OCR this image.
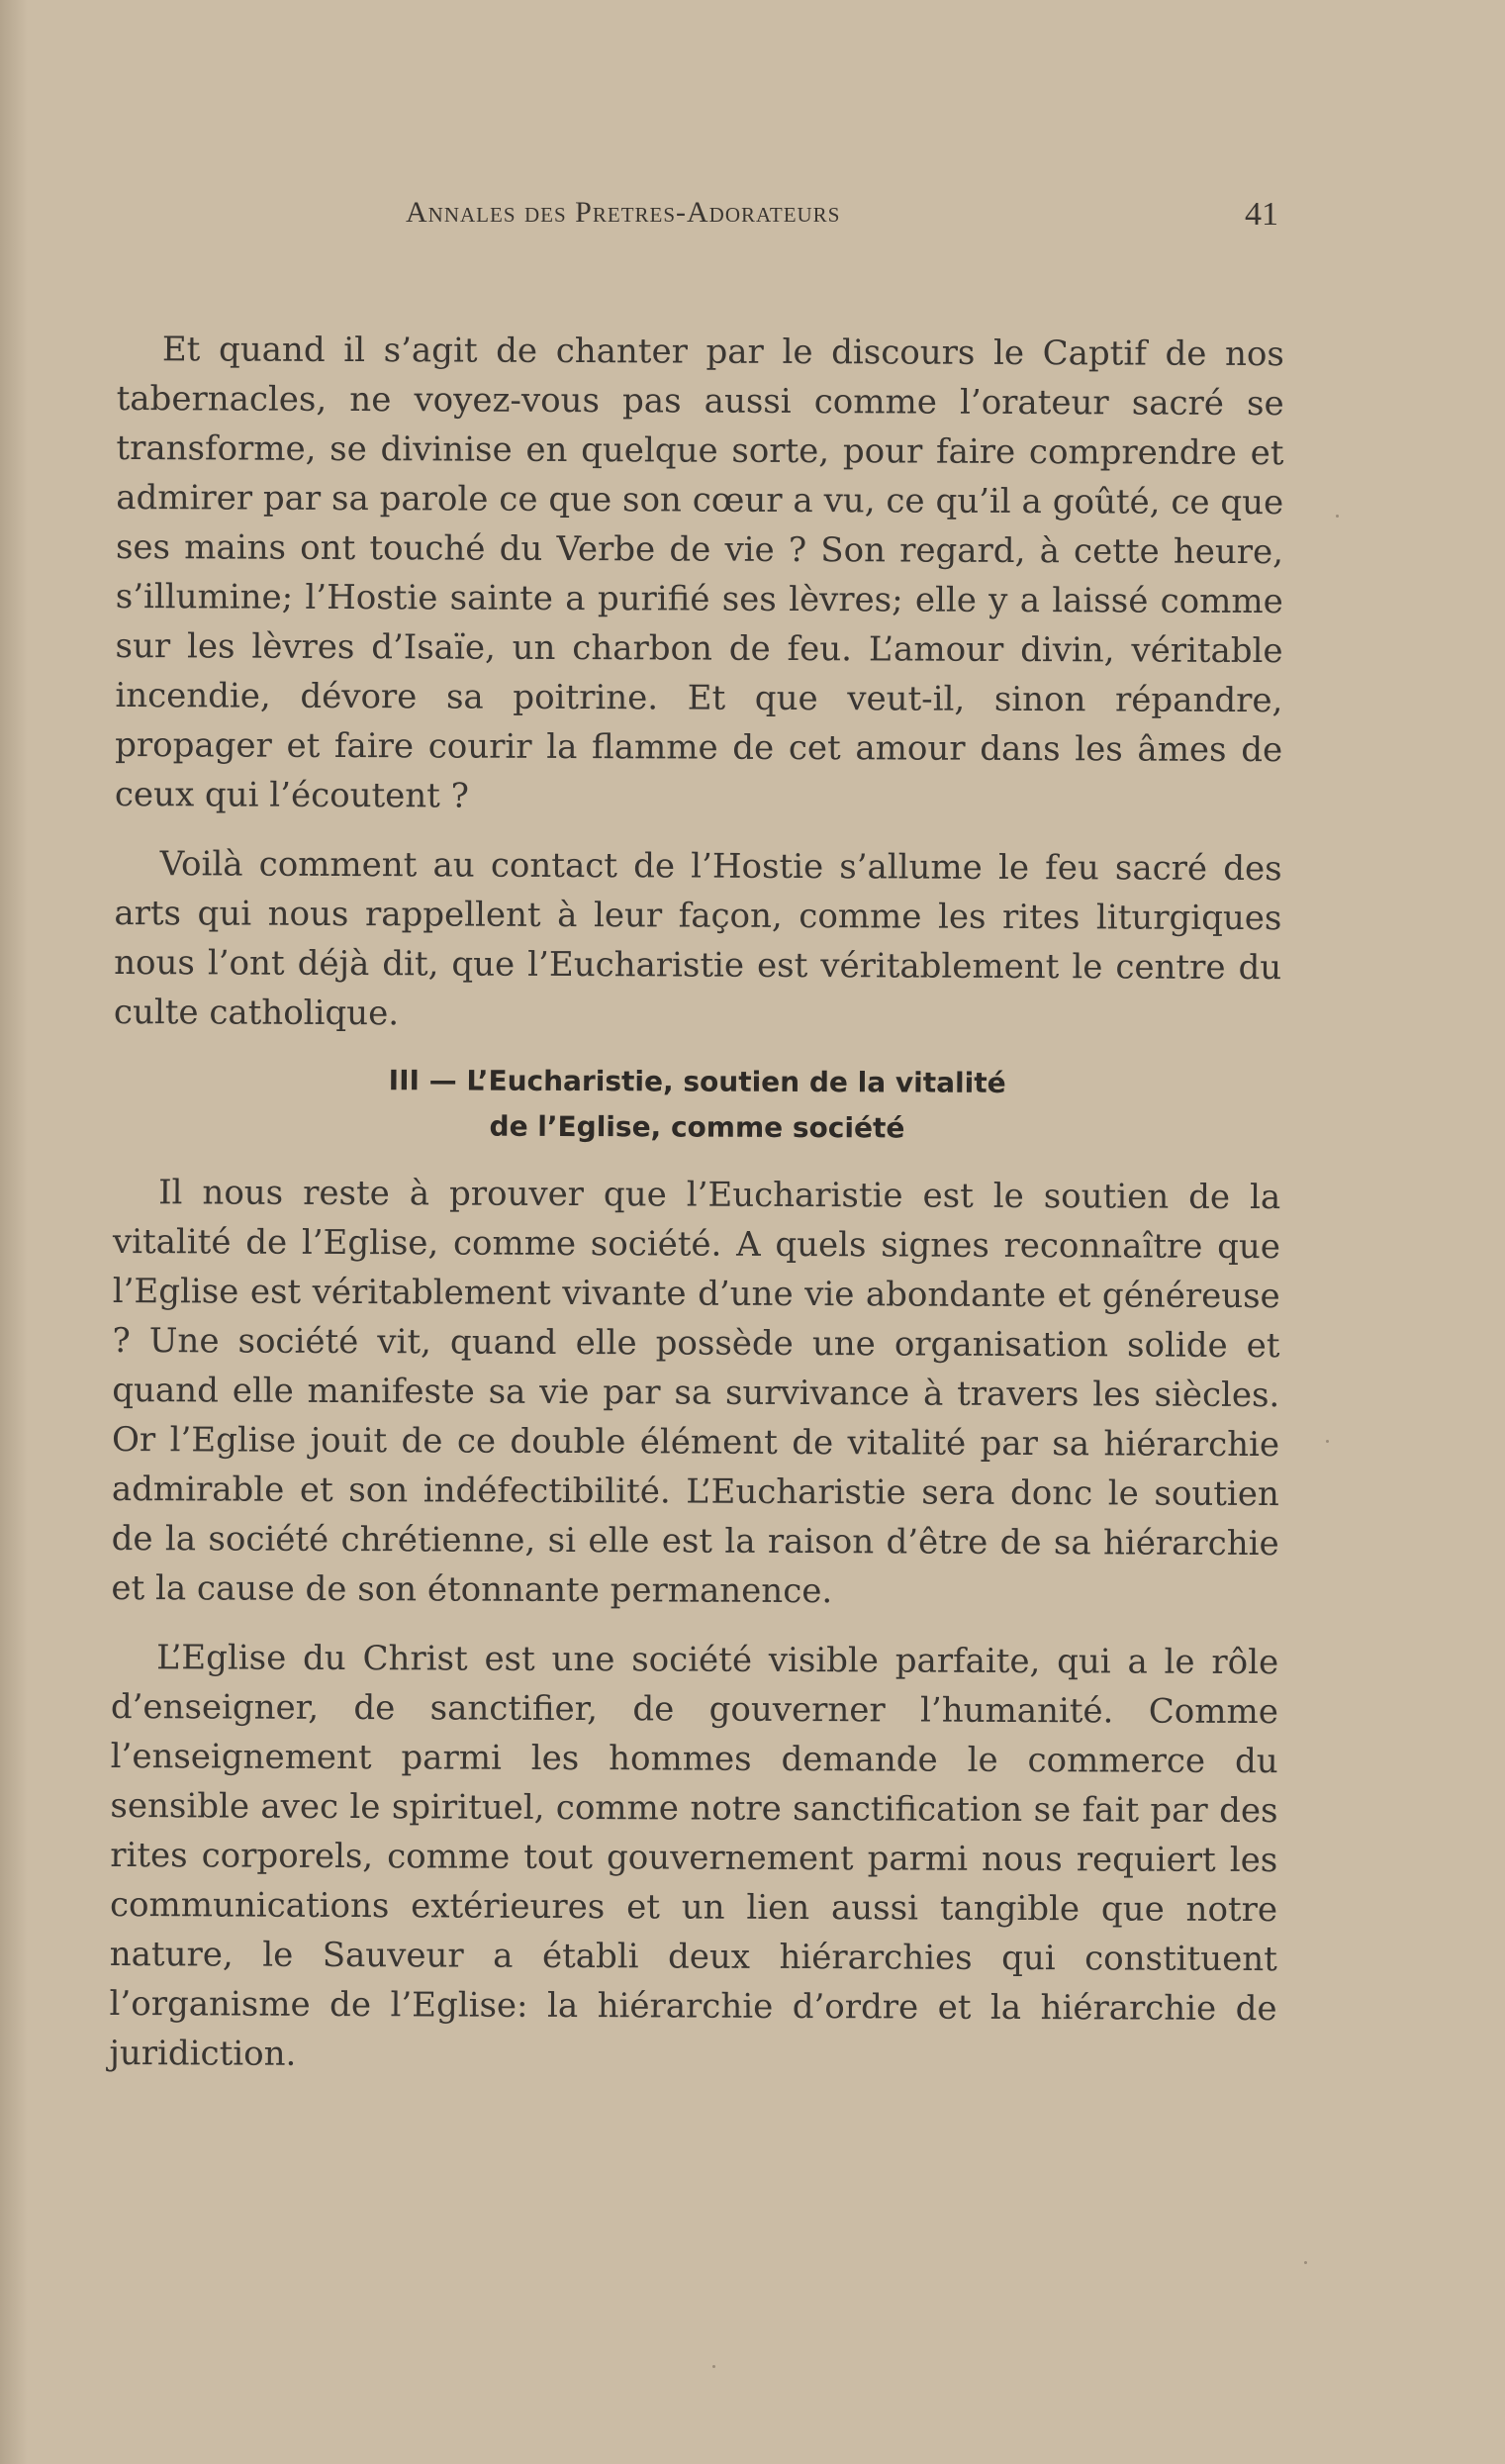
Annales des Pretres-Adorateurs	41

Et quand il s’agit de chanter par le discours le Captif de nos tabernacles, ne voyez-vous pas aussi comme l’orateur sacré se transforme, se divinise en quelque sorte, pour faire comprendre et admirer par sa parole ce que son cœur a vu, ce qu’il a goûté, ce que ses mains ont touché du Verbe de vie ? Son regard, à cette heure, s’illumine; l’Hostie sainte a purifié ses lèvres; elle y a laissé comme sur les lèvres d’Isaïe, un charbon de feu. L’amour divin, véritable incendie, dévore sa poitrine. Et que veut-il, sinon répandre, propager et faire courir la flamme de cet amour dans les âmes de ceux qui l’écoutent ?

Voilà comment au contact de l’Hostie s’allume le feu sacré des arts qui nous rappellent à leur façon, comme les rites liturgiques nous l’ont déjà dit, que l’Eucharistie est véritablement le centre du culte catholique.

III — L’Eucharistie, soutien de la vitalité
de l’Eglise, comme société

Il nous reste à prouver que l’Eucharistie est le soutien de la vitalité de l’Eglise, comme société. A quels signes reconnaître que l’Eglise est véritablement vivante d’une vie abondante et généreuse ? Une société vit, quand elle possède une organisation solide et quand elle manifeste sa vie par sa survivance à travers les siècles. Or l’Eglise jouit de ce double élément de vitalité par sa hiérarchie admirable et son indéfectibilité. L’Eucharistie sera donc le soutien de la société chrétienne, si elle est la raison d’être de sa hiérarchie et la cause de son étonnante permanence.

L’Eglise du Christ est une société visible parfaite, qui a le rôle d’enseigner, de sanctifier, de gouverner l’humanité. Comme l’enseignement parmi les hommes demande le commerce du sensible avec le spirituel, comme notre sanctification se fait par des rites corporels, comme tout gouvernement parmi nous requiert les communications extérieures et un lien aussi tangible que notre nature, le Sauveur a établi deux hiérarchies qui constituent l’organisme de l’Eglise: la hiérarchie d’ordre et la hiérarchie de juridiction.
